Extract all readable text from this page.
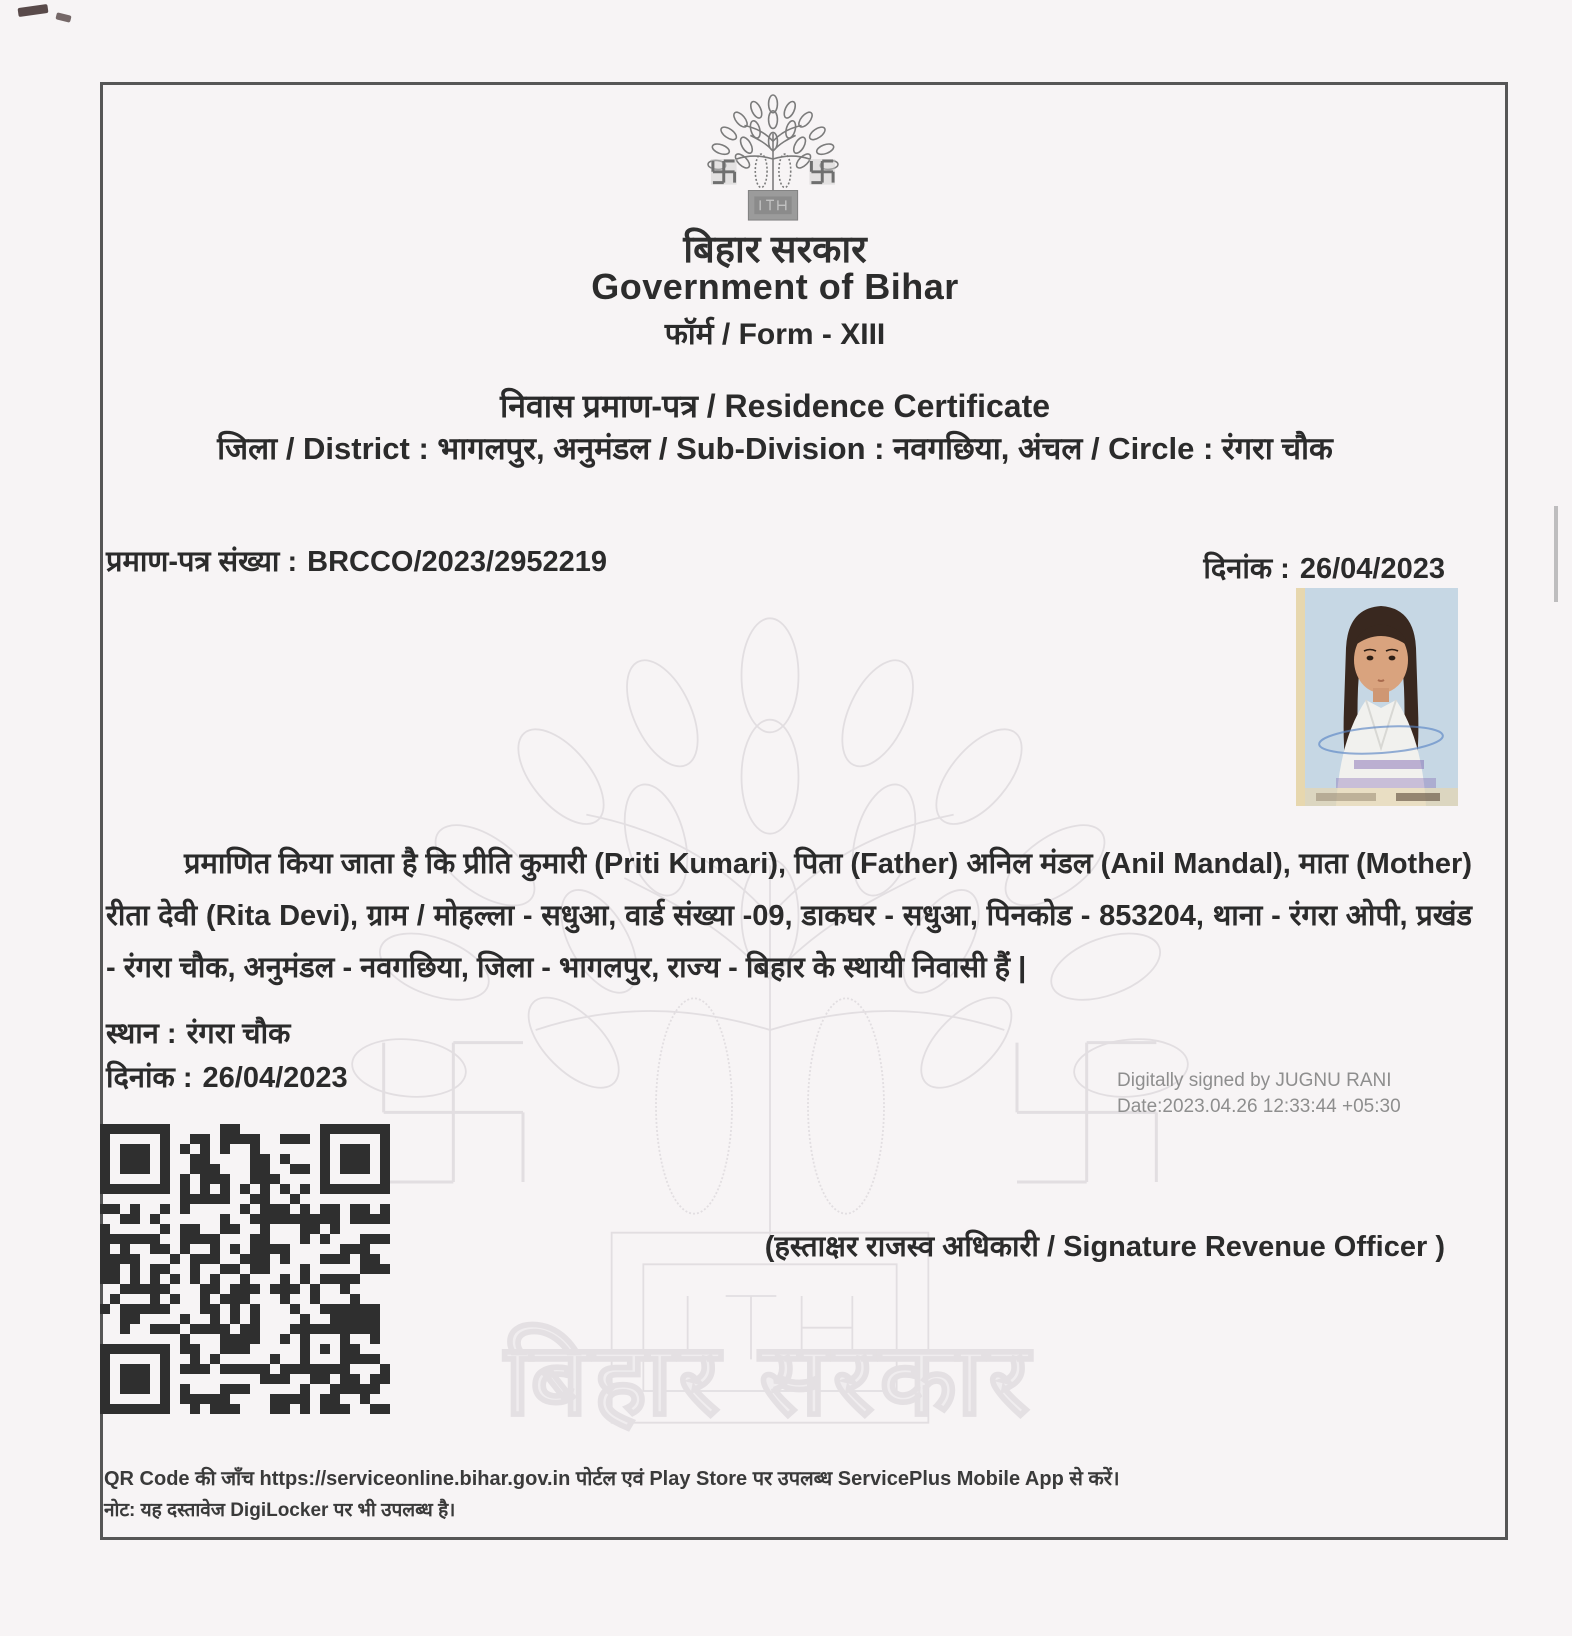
बिहार सरकार
बिहार सरकार
Government of Bihar
फॉर्म / Form - XIII
निवास प्रमाण-पत्र / Residence Certificate
जिला / District : भागलपुर, अनुमंडल / Sub-Division : नवगछिया, अंचल / Circle : रंगरा चौक
प्रमाण-पत्र संख्या : BRCCO/2023/2952219	दिनांक : 26/04/2023
प्रमाणित किया जाता है कि प्रीति कुमारी (Priti Kumari), पिता (Father) अनिल मंडल (Anil Mandal), माता (Mother) रीता देवी (Rita Devi), ग्राम / मोहल्ला - सधुआ, वार्ड संख्या -09, डाकघर - सधुआ, पिनकोड - 853204, थाना - रंगरा ओपी, प्रखंड - रंगरा चौक, अनुमंडल - नवगछिया, जिला - भागलपुर, राज्य - बिहार के स्थायी निवासी हैं |
स्थान : रंगरा चौक
दिनांक : 26/04/2023	Digitally signed by JUGNU RANI
Date:2023.04.26 12:33:44 +05:30
(हस्ताक्षर राजस्व अधिकारी / Signature Revenue Officer )
QR Code की जाँच https://serviceonline.bihar.gov.in पोर्टल एवं Play Store पर उपलब्ध ServicePlus Mobile App से करें।
नोट: यह दस्तावेज DigiLocker पर भी उपलब्ध है।
